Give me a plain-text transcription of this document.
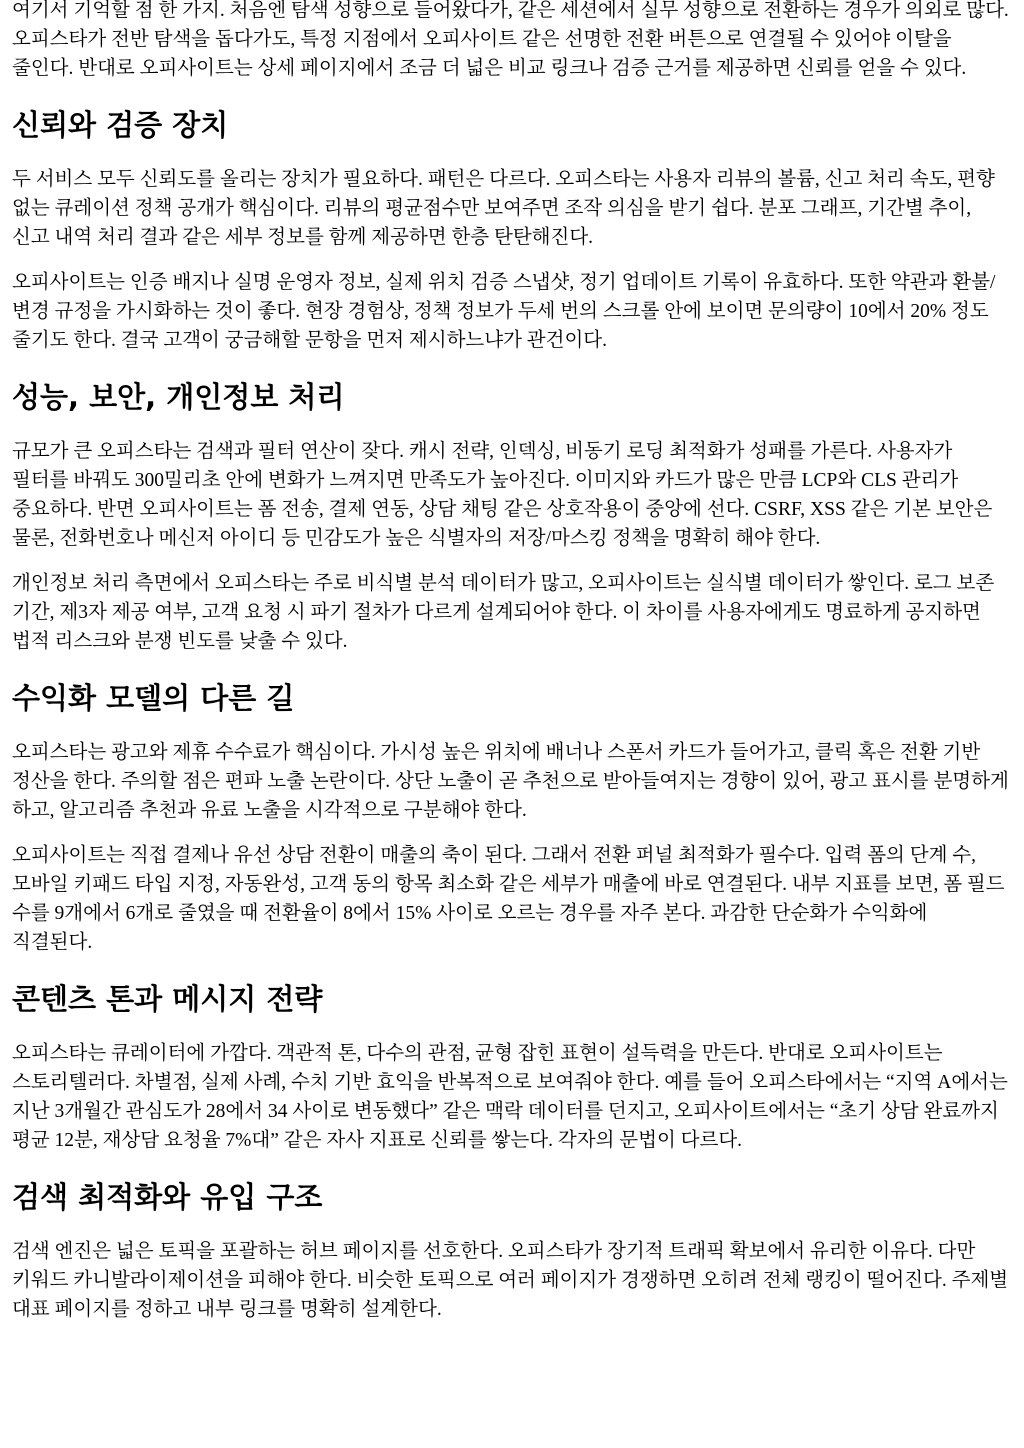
여기서 기억할 점 한 가지. 처음엔 탐색 성향으로 들어왔다가, 같은 세션에서 실무 성향으로 전환하는 경우가 의외로 많다. 오피스타가 전반 탐색을 돕다가도, 특정 지점에서 오피사이트 같은 선명한 전환 버튼으로 연결될 수 있어야 이탈을 줄인다. 반대로 오피사이트는 상세 페이지에서 조금 더 넓은 비교 링크나 검증 근거를 제공하면 신뢰를 얻을 수 있다.

신뢰와 검증 장치

두 서비스 모두 신뢰도를 올리는 장치가 필요하다. 패턴은 다르다. 오피스타는 사용자 리뷰의 볼륨, 신고 처리 속도, 편향 없는 큐레이션 정책 공개가 핵심이다. 리뷰의 평균점수만 보여주면 조작 의심을 받기 쉽다. 분포 그래프, 기간별 추이, 신고 내역 처리 결과 같은 세부 정보를 함께 제공하면 한층 탄탄해진다.

오피사이트는 인증 배지나 실명 운영자 정보, 실제 위치 검증 스냅샷, 정기 업데이트 기록이 유효하다. 또한 약관과 환불/변경 규정을 가시화하는 것이 좋다. 현장 경험상, 정책 정보가 두세 번의 스크롤 안에 보이면 문의량이 10에서 20% 정도 줄기도 한다. 결국 고객이 궁금해할 문항을 먼저 제시하느냐가 관건이다.

성능, 보안, 개인정보 처리

규모가 큰 오피스타는 검색과 필터 연산이 잦다. 캐시 전략, 인덱싱, 비동기 로딩 최적화가 성패를 가른다. 사용자가 필터를 바꿔도 300밀리초 안에 변화가 느껴지면 만족도가 높아진다. 이미지와 카드가 많은 만큼 LCP와 CLS 관리가 중요하다. 반면 오피사이트는 폼 전송, 결제 연동, 상담 채팅 같은 상호작용이 중앙에 선다. CSRF, XSS 같은 기본 보안은 물론, 전화번호나 메신저 아이디 등 민감도가 높은 식별자의 저장/마스킹 정책을 명확히 해야 한다.

개인정보 처리 측면에서 오피스타는 주로 비식별 분석 데이터가 많고, 오피사이트는 실식별 데이터가 쌓인다. 로그 보존 기간, 제3자 제공 여부, 고객 요청 시 파기 절차가 다르게 설계되어야 한다. 이 차이를 사용자에게도 명료하게 공지하면 법적 리스크와 분쟁 빈도를 낮출 수 있다.

수익화 모델의 다른 길

오피스타는 광고와 제휴 수수료가 핵심이다. 가시성 높은 위치에 배너나 스폰서 카드가 들어가고, 클릭 혹은 전환 기반 정산을 한다. 주의할 점은 편파 노출 논란이다. 상단 노출이 곧 추천으로 받아들여지는 경향이 있어, 광고 표시를 분명하게 하고, 알고리즘 추천과 유료 노출을 시각적으로 구분해야 한다.

오피사이트는 직접 결제나 유선 상담 전환이 매출의 축이 된다. 그래서 전환 퍼널 최적화가 필수다. 입력 폼의 단계 수, 모바일 키패드 타입 지정, 자동완성, 고객 동의 항목 최소화 같은 세부가 매출에 바로 연결된다. 내부 지표를 보면, 폼 필드 수를 9개에서 6개로 줄였을 때 전환율이 8에서 15% 사이로 오르는 경우를 자주 본다. 과감한 단순화가 수익화에 직결된다.

콘텐츠 톤과 메시지 전략

오피스타는 큐레이터에 가깝다. 객관적 톤, 다수의 관점, 균형 잡힌 표현이 설득력을 만든다. 반대로 오피사이트는 스토리텔러다. 차별점, 실제 사례, 수치 기반 효익을 반복적으로 보여줘야 한다. 예를 들어 오피스타에서는 “지역 A에서는 지난 3개월간 관심도가 28에서 34 사이로 변동했다” 같은 맥락 데이터를 던지고, 오피사이트에서는 “초기 상담 완료까지 평균 12분, 재상담 요청율 7%대” 같은 자사 지표로 신뢰를 쌓는다. 각자의 문법이 다르다.

검색 최적화와 유입 구조

검색 엔진은 넓은 토픽을 포괄하는 허브 페이지를 선호한다. 오피스타가 장기적 트래픽 확보에서 유리한 이유다. 다만 키워드 카니발라이제이션을 피해야 한다. 비슷한 토픽으로 여러 페이지가 경쟁하면 오히려 전체 랭킹이 떨어진다. 주제별 대표 페이지를 정하고 내부 링크를 명확히 설계한다.
